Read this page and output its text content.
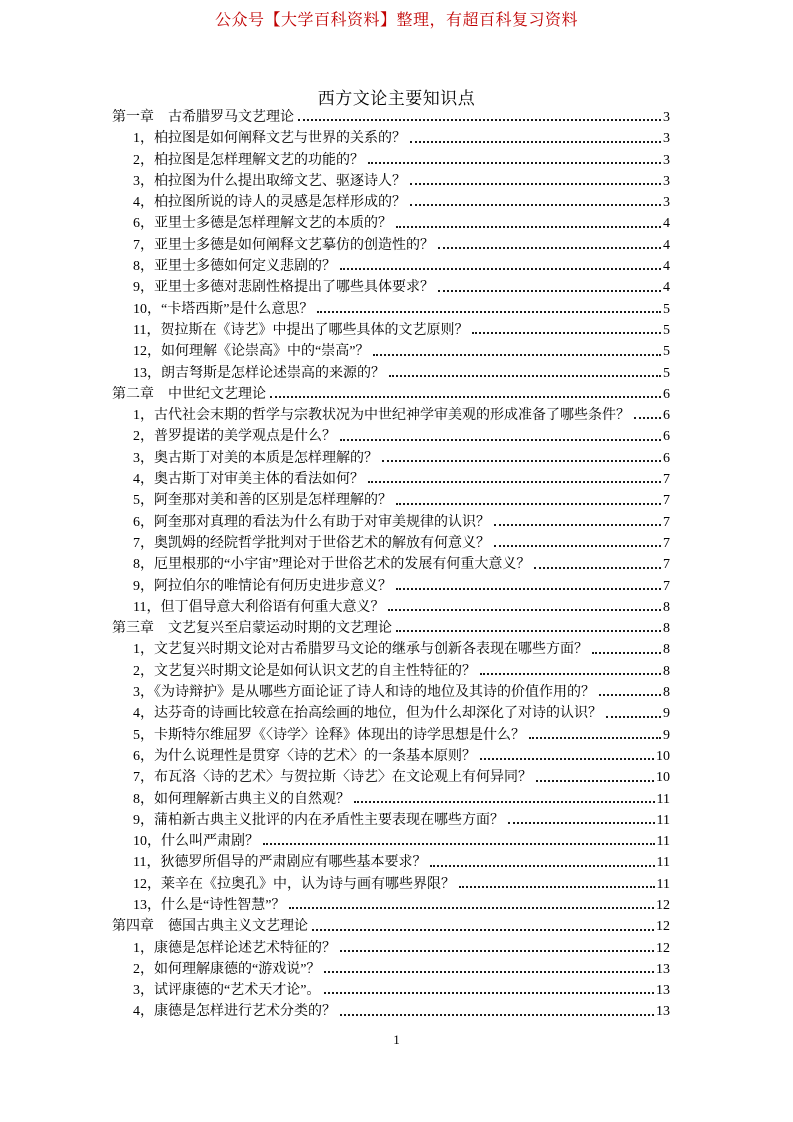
公众号【大学百科资料】整理，有超百科复习资料
西方文论主要知识点
第一章　古希腊罗马文艺理论	3
1，柏拉图是如何阐释文艺与世界的关系的？	3
2，柏拉图是怎样理解文艺的功能的？	3
3，柏拉图为什么提出取缔文艺、驱逐诗人？	3
4，柏拉图所说的诗人的灵感是怎样形成的？	3
6，亚里士多德是怎样理解文艺的本质的？	4
7，亚里士多德是如何阐释文艺摹仿的创造性的？	4
8，亚里士多德如何定义悲剧的？	4
9，亚里士多德对悲剧性格提出了哪些具体要求？	4
10，“卡塔西斯”是什么意思？	5
11，贺拉斯在《诗艺》中提出了哪些具体的文艺原则？	5
12，如何理解《论崇高》中的“崇高”？	5
13，朗吉弩斯是怎样论述崇高的来源的？	5
第二章　中世纪文艺理论	6
1，古代社会末期的哲学与宗教状况为中世纪神学审美观的形成准备了哪些条件？ 6
2，普罗提诺的美学观点是什么？	6
3，奥古斯丁对美的本质是怎样理解的？	6
4，奥古斯丁对审美主体的看法如何？	7
5，阿奎那对美和善的区别是怎样理解的？	7
6，阿奎那对真理的看法为什么有助于对审美规律的认识？	7
7，奥凯姆的经院哲学批判对于世俗艺术的解放有何意义？	7
8，厄里根那的“小宇宙”理论对于世俗艺术的发展有何重大意义？	7
9，阿拉伯尔的唯情论有何历史进步意义？	7
11，但丁倡导意大利俗语有何重大意义？	8
第三章　文艺复兴至启蒙运动时期的文艺理论	8
1，文艺复兴时期文论对古希腊罗马文论的继承与创新各表现在哪些方面？	8
2，文艺复兴时期文论是如何认识文艺的自主性特征的？	8
3，《为诗辩护》是从哪些方面论证了诗人和诗的地位及其诗的价值作用的？	8
4，达芬奇的诗画比较意在抬高绘画的地位，但为什么却深化了对诗的认识？	9
5，卡斯特尔维屈罗《〈诗学〉诠释》体现出的诗学思想是什么？	9
6，为什么说理性是贯穿〈诗的艺术〉的一条基本原则？	10
7，布瓦洛〈诗的艺术〉与贺拉斯〈诗艺〉在文论观上有何异同？	10
8，如何理解新古典主义的自然观？	11
9，蒲柏新古典主义批评的内在矛盾性主要表现在哪些方面？	11
10，什么叫严肃剧？	11
11，狄德罗所倡导的严肃剧应有哪些基本要求？	11
12，莱辛在《拉奥孔》中，认为诗与画有哪些界限？	11
13，什么是“诗性智慧”？	12
第四章　德国古典主义文艺理论	12
1，康德是怎样论述艺术特征的？	12
2，如何理解康德的“游戏说”？	13
3，试评康德的“艺术天才论”。	13
4，康德是怎样进行艺术分类的？	13
1
